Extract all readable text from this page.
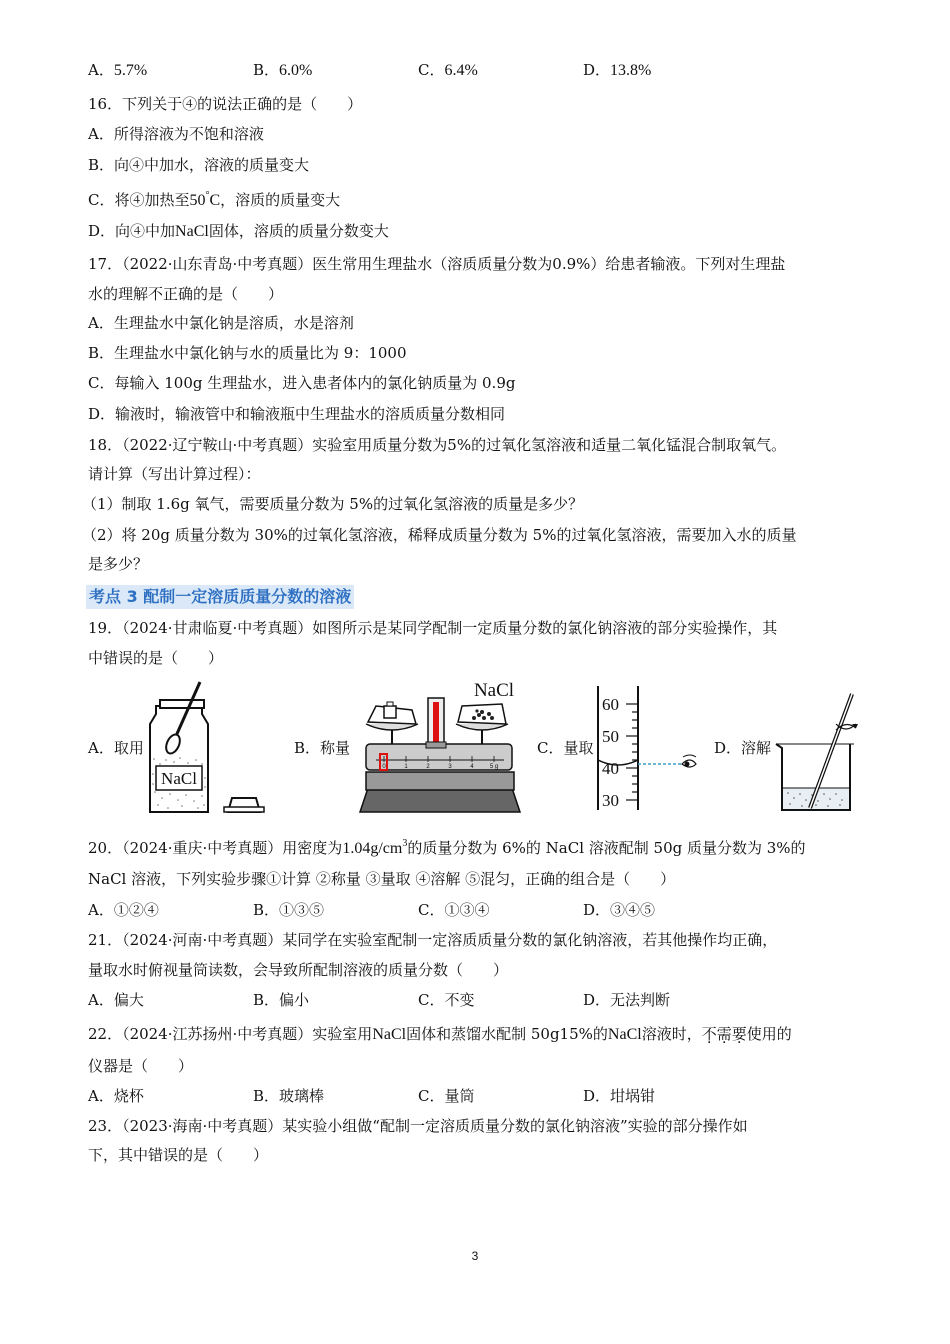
A．5.7%	B．6.0%	C．6.4%	D．13.8%
16．下列关于④的说法正确的是（　　）
A．所得溶液为不饱和溶液
B．向④中加水，溶液的质量变大
C．将④加热至50°C，溶质的质量变大
D．向④中加NaCl固体，溶质的质量分数变大
17．（2022·山东青岛·中考真题）医生常用生理盐水（溶质质量分数为0.9%）给患者输液。下列对生理盐
水的理解不正确的是（　　）
A．生理盐水中氯化钠是溶质，水是溶剂
B．生理盐水中氯化钠与水的质量比为 9：1000
C．每输入 100g 生理盐水，进入患者体内的氯化钠质量为 0.9g
D．输液时，输液管中和输液瓶中生理盐水的溶质质量分数相同
18．（2022·辽宁鞍山·中考真题）实验室用质量分数为5%的过氧化氢溶液和适量二氧化锰混合制取氧气。
请计算（写出计算过程）：
（1）制取 1.6g 氧气，需要质量分数为 5%的过氧化氢溶液的质量是多少？
（2）将 20g 质量分数为 30%的过氧化氢溶液，稀释成质量分数为 5%的过氧化氢溶液，需要加入水的质量
是多少？
考点 3 配制一定溶质质量分数的溶液
19．（2024·甘肃临夏·中考真题）如图所示是某同学配制一定质量分数的氯化钠溶液的部分实验操作，其
中错误的是（　　）
A．取用
NaCl
B．称量
NaCl
0	1	2	3	4	5 g
C．量取
60
50
40
30
D．溶解
20．（2024·重庆·中考真题）用密度为$1.04g/cm^3$的质量分数为 6%的 NaCl 溶液配制 50g 质量分数为 3%的
NaCl 溶液，下列实验步骤①计算 ②称量 ③量取 ④溶解 ⑤混匀，正确的组合是（　　）
A．①②④	B．①③⑤	C．①③④	D．③④⑤
21．（2024·河南·中考真题）某同学在实验室配制一定溶质质量分数的氯化钠溶液，若其他操作均正确，
量取水时俯视量筒读数，会导致所配制溶液的质量分数（　　）
A．偏大	B．偏小	C．不变	D．无法判断
22．（2024·江苏扬州·中考真题）实验室用NaCl固体和蒸馏水配制 50g15%的NaCl溶液时，不需要使用的
仪器是（　　）
A．烧杯	B．玻璃棒	C．量筒	D．坩埚钳
23．（2023·海南·中考真题）某实验小组做“配制一定溶质质量分数的氯化钠溶液”实验的部分操作如
下，其中错误的是（　　）
3
